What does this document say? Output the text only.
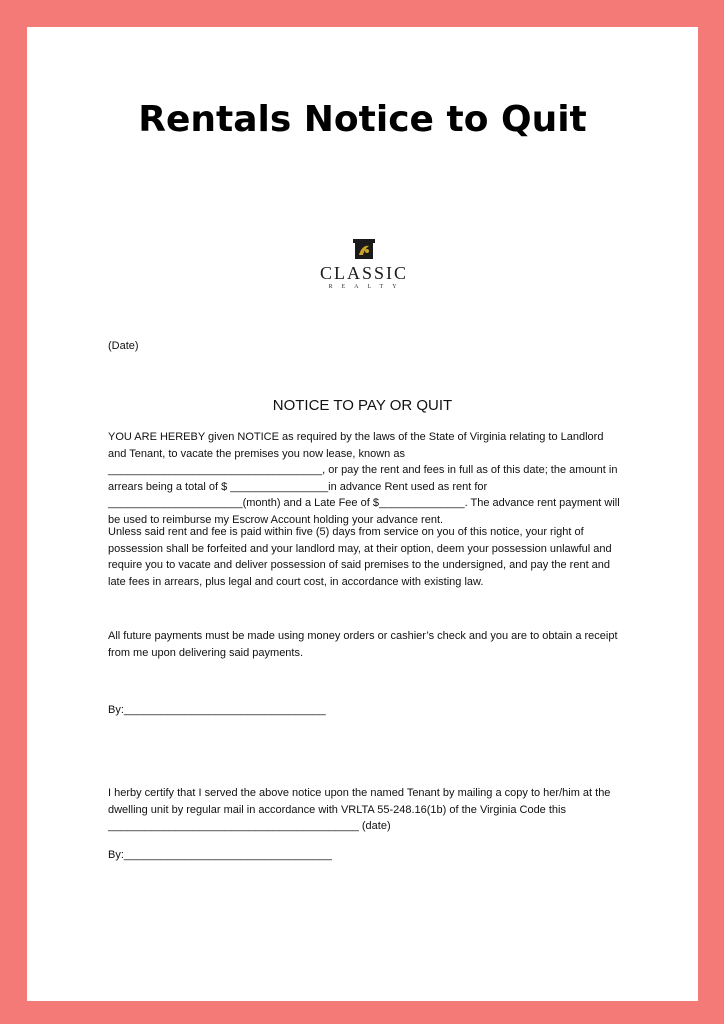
Rentals Notice to Quit
CLASSIC
REALTY
(Date)
NOTICE TO PAY OR QUIT

YOU ARE HEREBY given NOTICE as required by the laws of the State of Virginia relating to Landlord and Tenant, to vacate the premises you now lease, known as ___________________________________, or pay the rent and fees in full as of this date; the amount in arrears being a total of $ ________________in advance Rent used as rent for ______________________(month) and a Late Fee of $______________. The advance rent payment will be used to reimburse my Escrow Account holding your advance rent.

Unless said rent and fee is paid within five (5) days from service on you of this notice, your right of possession shall be forfeited and your landlord may, at their option, deem your possession unlawful and require you to vacate and deliver possession of said premises to the undersigned, and pay the rent and late fees in arrears, plus legal and court cost, in accordance with existing law.

All future payments must be made using money orders or cashier’s check and you are to obtain a receipt from me upon delivering said payments.

By:_________________________________

I herby certify that I served the above notice upon the named Tenant by mailing a copy to her/him at the dwelling unit by regular mail in accordance with VRLTA 55-248.16(1b) of the Virginia Code this _________________________________________ (date)

By:__________________________________
